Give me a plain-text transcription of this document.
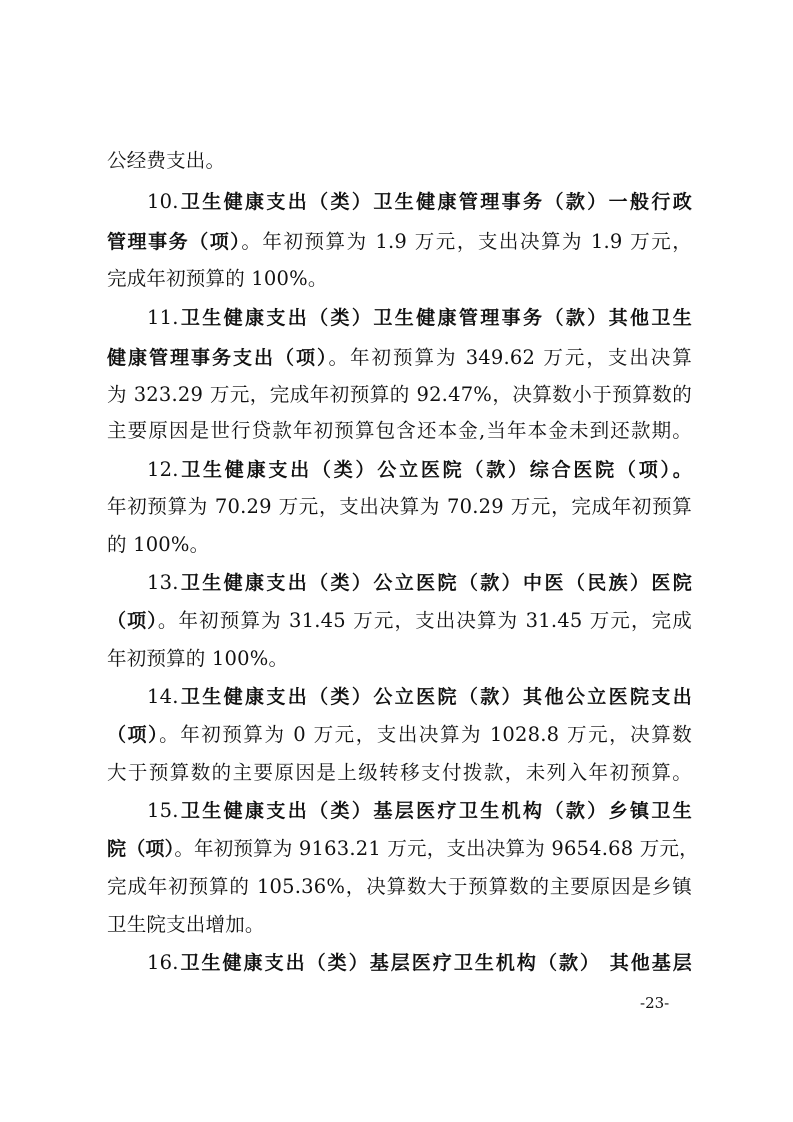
公经费支出。
10.卫生健康支出（类）卫生健康管理事务（款）一般行政
管理事务（项）。年初预算为 1.9 万元，支出决算为 1.9 万元，
完成年初预算的 100%。
11.卫生健康支出（类）卫生健康管理事务（款）其他卫生
健康管理事务支出（项）。年初预算为 349.62 万元，支出决算
为 323.29 万元，完成年初预算的 92.47%，决算数小于预算数的
主要原因是世行贷款年初预算包含还本金,当年本金未到还款期。
12.卫生健康支出（类）公立医院（款）综合医院（项）。
年初预算为 70.29 万元，支出决算为 70.29 万元，完成年初预算
的 100%。
13.卫生健康支出（类）公立医院（款）中医（民族）医院
（项）。年初预算为 31.45 万元，支出决算为 31.45 万元，完成
年初预算的 100%。
14.卫生健康支出（类）公立医院（款）其他公立医院支出
（项）。年初预算为 0 万元，支出决算为 1028.8 万元，决算数
大于预算数的主要原因是上级转移支付拨款，未列入年初预算。
15.卫生健康支出（类）基层医疗卫生机构（款）乡镇卫生
院（项）。年初预算为 9163.21 万元，支出决算为 9654.68 万元，
完成年初预算的 105.36%，决算数大于预算数的主要原因是乡镇
卫生院支出增加。
16.卫生健康支出（类）基层医疗卫生机构（款） 其他基层
-23-
